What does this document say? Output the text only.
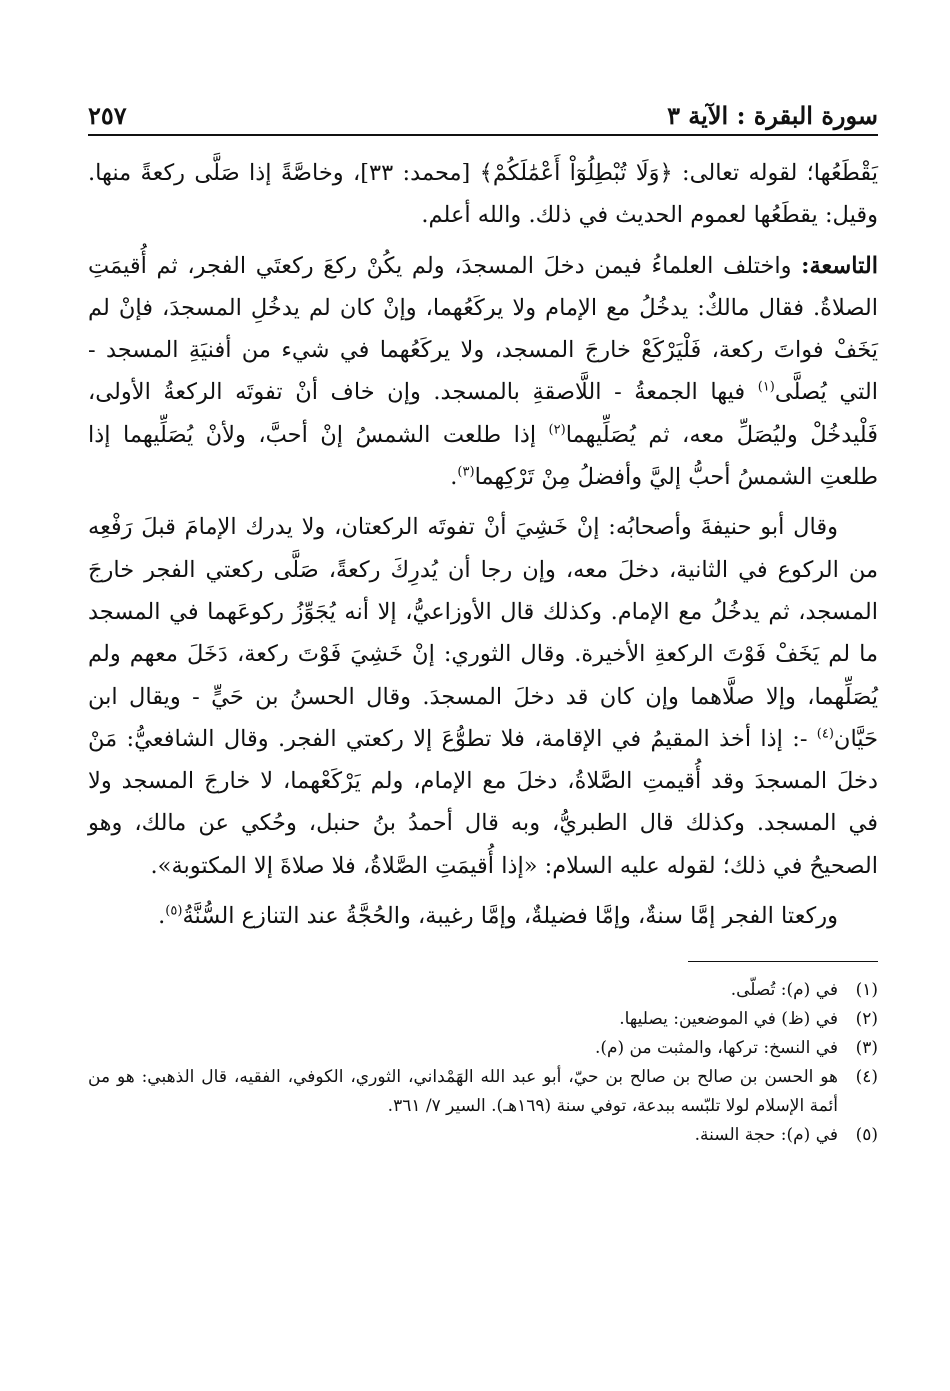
سورة البقرة : الآية ٣
٢٥٧

يَقْطَعُها؛ لقوله تعالى: ﴿وَلَا تُبْطِلُوٓاْ أَعْمَٰلَكُمْ﴾ [محمد: ٣٣]، وخاصَّةً إذا صَلَّى ركعةً منها. وقيل: يقطَعُها لعموم الحديث في ذلك. والله أعلم.

التاسعة: واختلف العلماءُ فيمن دخلَ المسجدَ، ولم يكُنْ ركعَ ركعتَي الفجر، ثم أُقيمَتِ الصلاةُ. فقال مالكٌ: يدخُلُ مع الإمام ولا يركَعُهما، وإنْ كان لم يدخُلِ المسجدَ، فإنْ لم يَخَفْ فواتَ ركعة، فَلْيَرْكَعْ خارجَ المسجد، ولا يركَعُهما في شيء من أفنيَةِ المسجد - التي يُصلَّى$^{(١)}$ فيها الجمعةُ - اللَّاصقةِ بالمسجد. وإن خاف أنْ تفوتَه الركعةُ الأولى، فَلْيدخُلْ وليُصَلِّ معه، ثم يُصَلِّيهما$^{(٢)}$ إذا طلعت الشمسُ إنْ أحبَّ، ولأنْ يُصَلِّيهما إذا طلعتِ الشمسُ أحبُّ إليَّ وأفضلُ مِنْ تَرْكِهما$^{(٣)}$.

وقال أبو حنيفةَ وأصحابُه: إنْ خَشِيَ أنْ تفوتَه الركعتان، ولا يدرك الإمامَ قبلَ رَفْعِه من الركوع في الثانية، دخلَ معه، وإن رجا أن يُدرِكَ ركعةً، صَلَّى ركعتي الفجر خارجَ المسجد، ثم يدخُلُ مع الإمام. وكذلك قال الأوزاعيُّ، إلا أنه يُجَوِّزُ ركوعَهما في المسجد ما لم يَخَفْ فَوْتَ الركعةِ الأخيرة. وقال الثوري: إنْ خَشِيَ فَوْتَ ركعة، دَخَلَ معهم ولم يُصَلِّهما، وإلا صلَّاهما وإن كان قد دخلَ المسجدَ. وقال الحسنُ بن حَيٍّ - ويقال ابن حَيَّان$^{(٤)}$ -: إذا أخذ المقيمُ في الإقامة، فلا تطوُّعَ إلا ركعتي الفجر. وقال الشافعيُّ: مَنْ دخلَ المسجدَ وقد أُقيمتِ الصَّلاةُ، دخلَ مع الإمام، ولم يَرْكَعْهما، لا خارجَ المسجد ولا في المسجد. وكذلك قال الطبريُّ، وبه قال أحمدُ بنُ حنبل، وحُكي عن مالك، وهو الصحيحُ في ذلك؛ لقوله عليه السلام: «إذا أُقيمَتِ الصَّلاةُ، فلا صلاةَ إلا المكتوبة».

وركعتا الفجر إمَّا سنةٌ، وإمَّا فضيلةٌ، وإمَّا رغيبة، والحُجَّةُ عند التنازع السُّنَّةُ$^{(٥)}$.

(١)
في (م): تُصلّى.
(٢)
في (ظ) في الموضعين: يصليها.
(٣)
في النسخ: تركها، والمثبت من (م).
(٤)
هو الحسن بن صالح بن صالح بن حيّ، أبو عبد الله الهَمْداني، الثوري، الكوفي، الفقيه، قال الذهبي: هو من أئمة الإسلام لولا تلبّسه ببدعة، توفي سنة (١٦٩هـ). السير ٧/ ٣٦١.
(٥)
في (م): حجة السنة.
